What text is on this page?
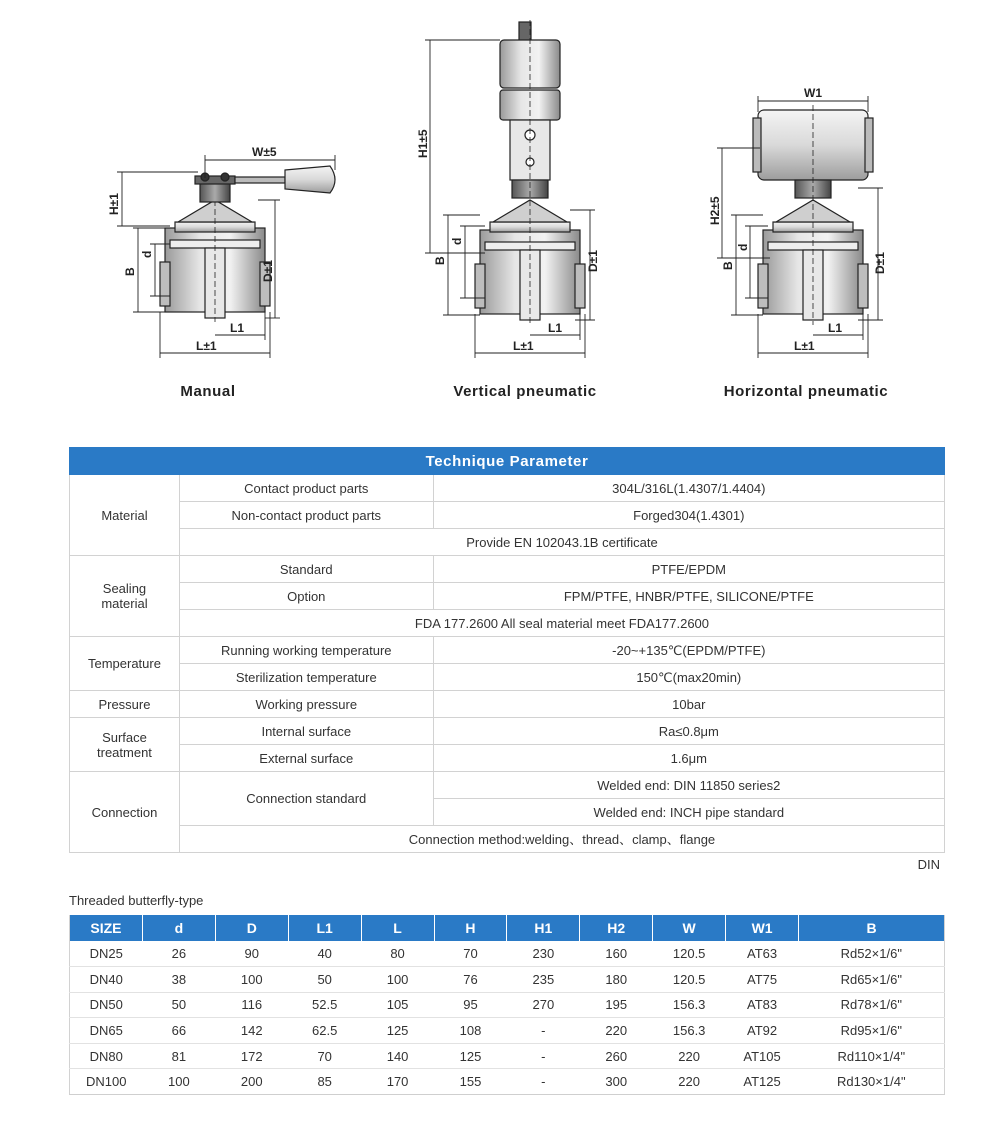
W±5
H±1
B
d
D±1
L1
L±1
H1±5
B
d
D±1
L1
L±1
W1
H2±5
B
d
D±1
L1
L±1
Manual	Vertical pneumatic	Horizontal pneumatic
Technique Parameter		
Material	Contact product parts	304L/316L(1.4307/1.4404)
	Non-contact product parts	Forged304(1.4301)
	Provide EN 102043.1B certificate	
Sealing
material	Standard	PTFE/EPDM
	Option	FPM/PTFE, HNBR/PTFE, SILICONE/PTFE
	FDA 177.2600 All seal material meet FDA177.2600	
Temperature	Running working temperature	-20~+135℃(EPDM/PTFE)
	Sterilization temperature	150℃(max20min)
Pressure	Working pressure	10bar
Surface
treatment	Internal surface	Ra≤0.8μm
	External surface	1.6μm
Connection	Connection standard	Welded end: DIN 11850 series2
		Welded end: INCH pipe standard
	Connection method:welding、thread、clamp、flange	
DIN
Threaded butterfly-type
SIZE	d	D	L1	L	H	H1	H2	W	W1	B
DN25	26	90	40	80	70	230	160	120.5	AT63	Rd52×1/6"
DN40	38	100	50	100	76	235	180	120.5	AT75	Rd65×1/6"
DN50	50	116	52.5	105	95	270	195	156.3	AT83	Rd78×1/6"
DN65	66	142	62.5	125	108	-	220	156.3	AT92	Rd95×1/6"
DN80	81	172	70	140	125	-	260	220	AT105	Rd110×1/4"
DN100	100	200	85	170	155	-	300	220	AT125	Rd130×1/4"
